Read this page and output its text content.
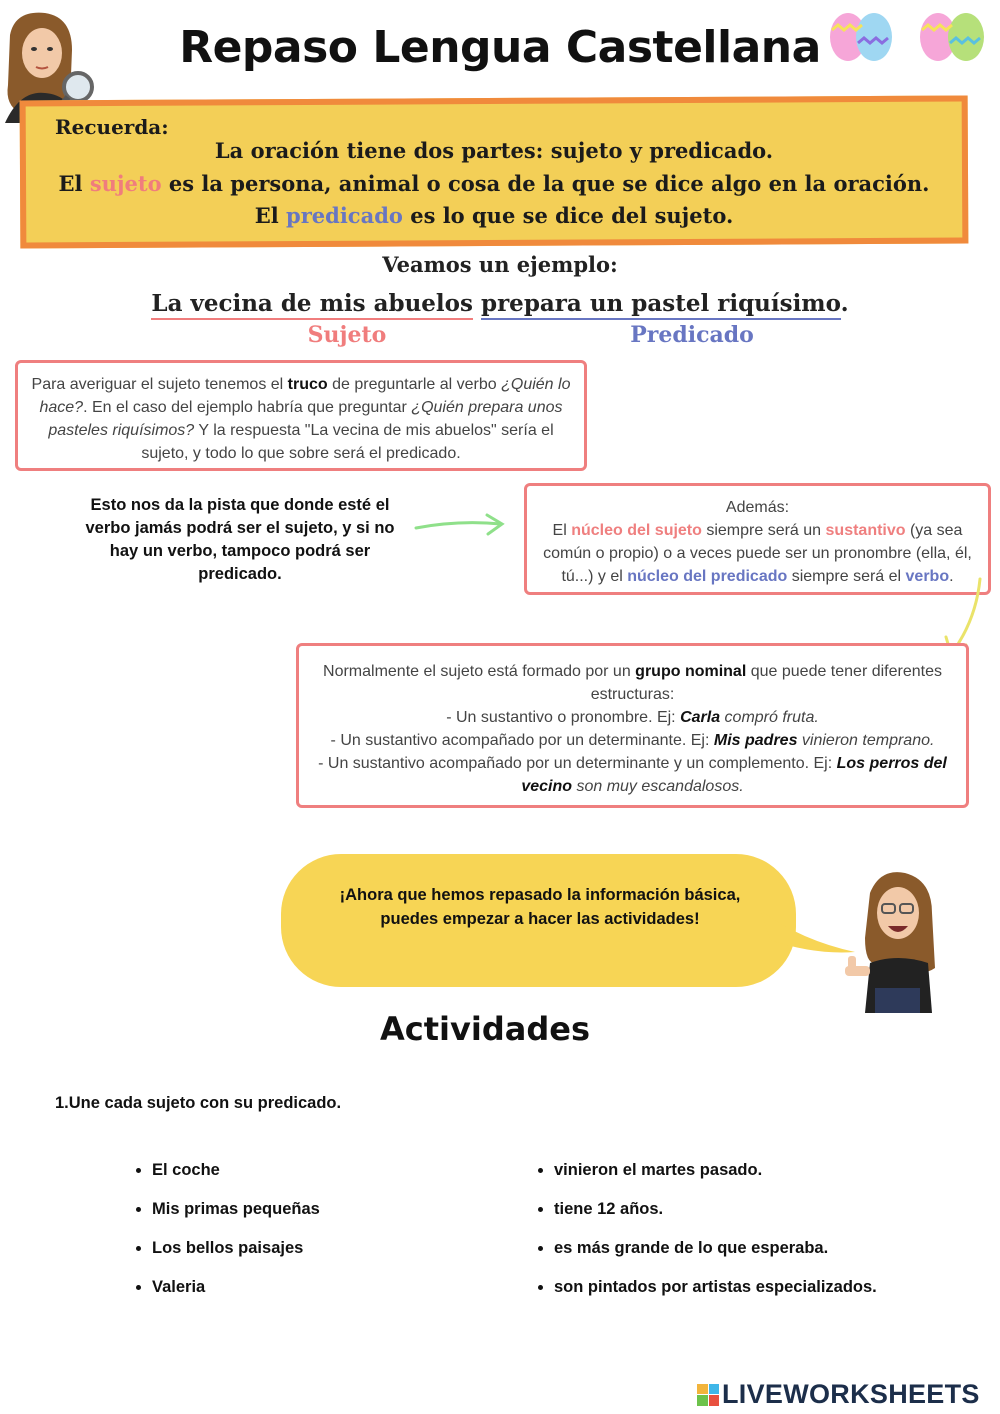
Repaso Lengua Castellana
Recuerda:
La oración tiene dos partes: sujeto y predicado.
El sujeto es la persona, animal o cosa de la que se dice algo en la oración.
El predicado es lo que se dice del sujeto.
Veamos un ejemplo:
La vecina de mis abuelos prepara un pastel riquísimo.
Sujeto	Predicado
Para averiguar el sujeto tenemos el truco de preguntarle al verbo ¿Quién lo hace?. En el caso del ejemplo habría que preguntar ¿Quién prepara unos pasteles riquísimos? Y la respuesta "La vecina de mis abuelos" sería el sujeto, y todo lo que sobre será el predicado.
Esto nos da la pista que donde esté el verbo jamás podrá ser el sujeto, y si no hay un verbo, tampoco podrá ser predicado.
Además:
El núcleo del sujeto siempre será un sustantivo (ya sea común o propio) o a veces puede ser un pronombre (ella, él, tú...) y el núcleo del predicado siempre será el verbo.
Normalmente el sujeto está formado por un grupo nominal que puede tener diferentes estructuras:
- Un sustantivo o pronombre. Ej: Carla compró fruta.
- Un sustantivo acompañado por un determinante. Ej: Mis padres vinieron temprano.
- Un sustantivo acompañado por un determinante y un complemento. Ej: Los perros del vecino son muy escandalosos.
¡Ahora que hemos repasado la información básica,
puedes empezar a hacer las actividades!
Actividades
1.Une cada sujeto con su predicado.
• El coche
• Mis primas pequeñas
• Los bellos paisajes
• Valeria
• vinieron el martes pasado.
• tiene 12 años.
• es más grande de lo que esperaba.
• son pintados por artistas especializados.
LIVEWORKSHEETS
